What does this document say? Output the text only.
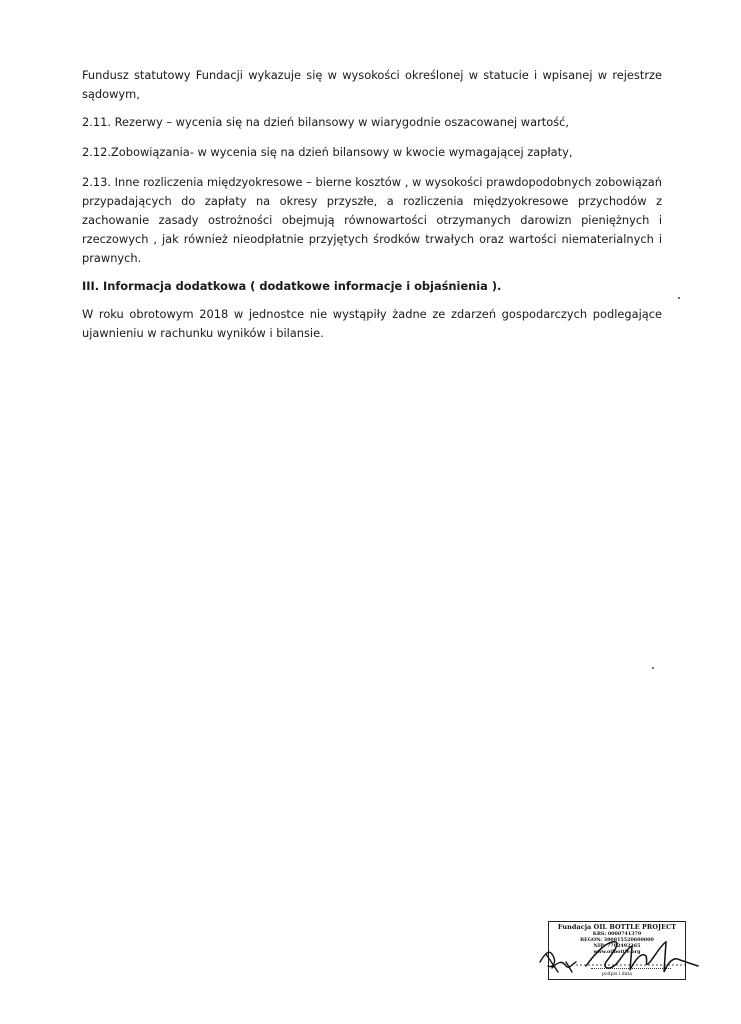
Fundusz statutowy Fundacji wykazuje się w wysokości określonej w statucie i wpisanej w rejestrze sądowym,

2.11. Rezerwy – wycenia się na dzień bilansowy w wiarygodnie oszacowanej wartość,

2.12.Zobowiązania- w wycenia się na dzień bilansowy w kwocie wymagającej zapłaty,

2.13. Inne rozliczenia międzyokresowe – bierne kosztów , w wysokości prawdopodobnych zobowiązań przypadających do zapłaty na okresy przyszłe, a rozliczenia międzyokresowe przychodów z zachowanie zasady ostrożności obejmują równowartości otrzymanych darowizn pieniężnych i rzeczowych , jak również nieodpłatnie przyjętych środków trwałych oraz wartości niematerialnych i prawnych.

III. Informacja dodatkowa ( dodatkowe informacje i objaśnienia ).

W roku obrotowym 2018 w jednostce nie wystąpiły żadne ze zdarzeń gospodarczych podlegające ujawnieniu w rachunku wyników i bilansie.

Fundacja OIL BOTTLE PROJECT
KRS: 0000741379
REGON: 380815520600000
NIP: 7792492265
www.oilbottle.org
podpis i data
